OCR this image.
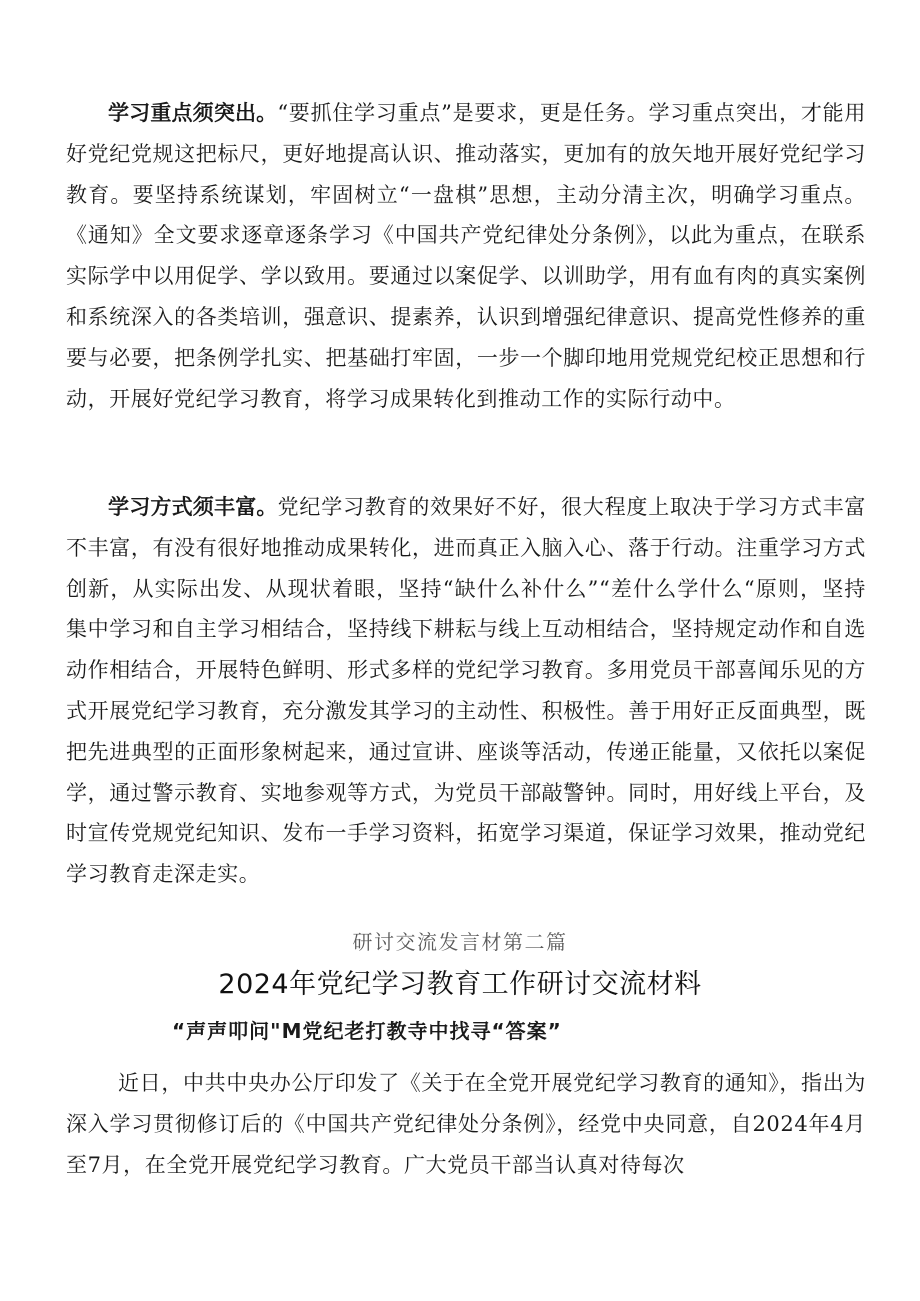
学习重点须突出。“要抓住学习重点”是要求，更是任务。学习重点突出，才能用好党纪党规这把标尺，更好地提高认识、推动落实，更加有的放矢地开展好党纪学习教育。要坚持系统谋划，牢固树立“一盘棋”思想，主动分清主次，明确学习重点。《通知》全文要求逐章逐条学习《中国共产党纪律处分条例》，以此为重点，在联系实际学中以用促学、学以致用。要通过以案促学、以训助学，用有血有肉的真实案例和系统深入的各类培训，强意识、提素养，认识到增强纪律意识、提高党性修养的重要与必要，把条例学扎实、把基础打牢固，一步一个脚印地用党规党纪校正思想和行动，开展好党纪学习教育，将学习成果转化到推动工作的实际行动中。

学习方式须丰富。党纪学习教育的效果好不好，很大程度上取决于学习方式丰富不丰富，有没有很好地推动成果转化，进而真正入脑入心、落于行动。注重学习方式创新，从实际出发、从现状着眼，坚持“缺什么补什么”“差什么学什么“原则，坚持集中学习和自主学习相结合，坚持线下耕耘与线上互动相结合，坚持规定动作和自选动作相结合，开展特色鲜明、形式多样的党纪学习教育。多用党员干部喜闻乐见的方式开展党纪学习教育，充分激发其学习的主动性、积极性。善于用好正反面典型，既把先进典型的正面形象树起来，通过宣讲、座谈等活动，传递正能量，又依托以案促学，通过警示教育、实地参观等方式，为党员干部敲警钟。同时，用好线上平台，及时宣传党规党纪知识、发布一手学习资料，拓宽学习渠道，保证学习效果，推动党纪学习教育走深走实。

研讨交流发言材第二篇

2024年党纪学习教育工作研讨交流材料

“声声叩问"M党纪老打教寺中找寻“答案”

近日，中共中央办公厅印发了《关于在全党开展党纪学习教育的通知》，指出为深入学习贯彻修订后的《中国共产党纪律处分条例》，经党中央同意，自2024年4月至7月，在全党开展党纪学习教育。广大党员干部当认真对待每次
